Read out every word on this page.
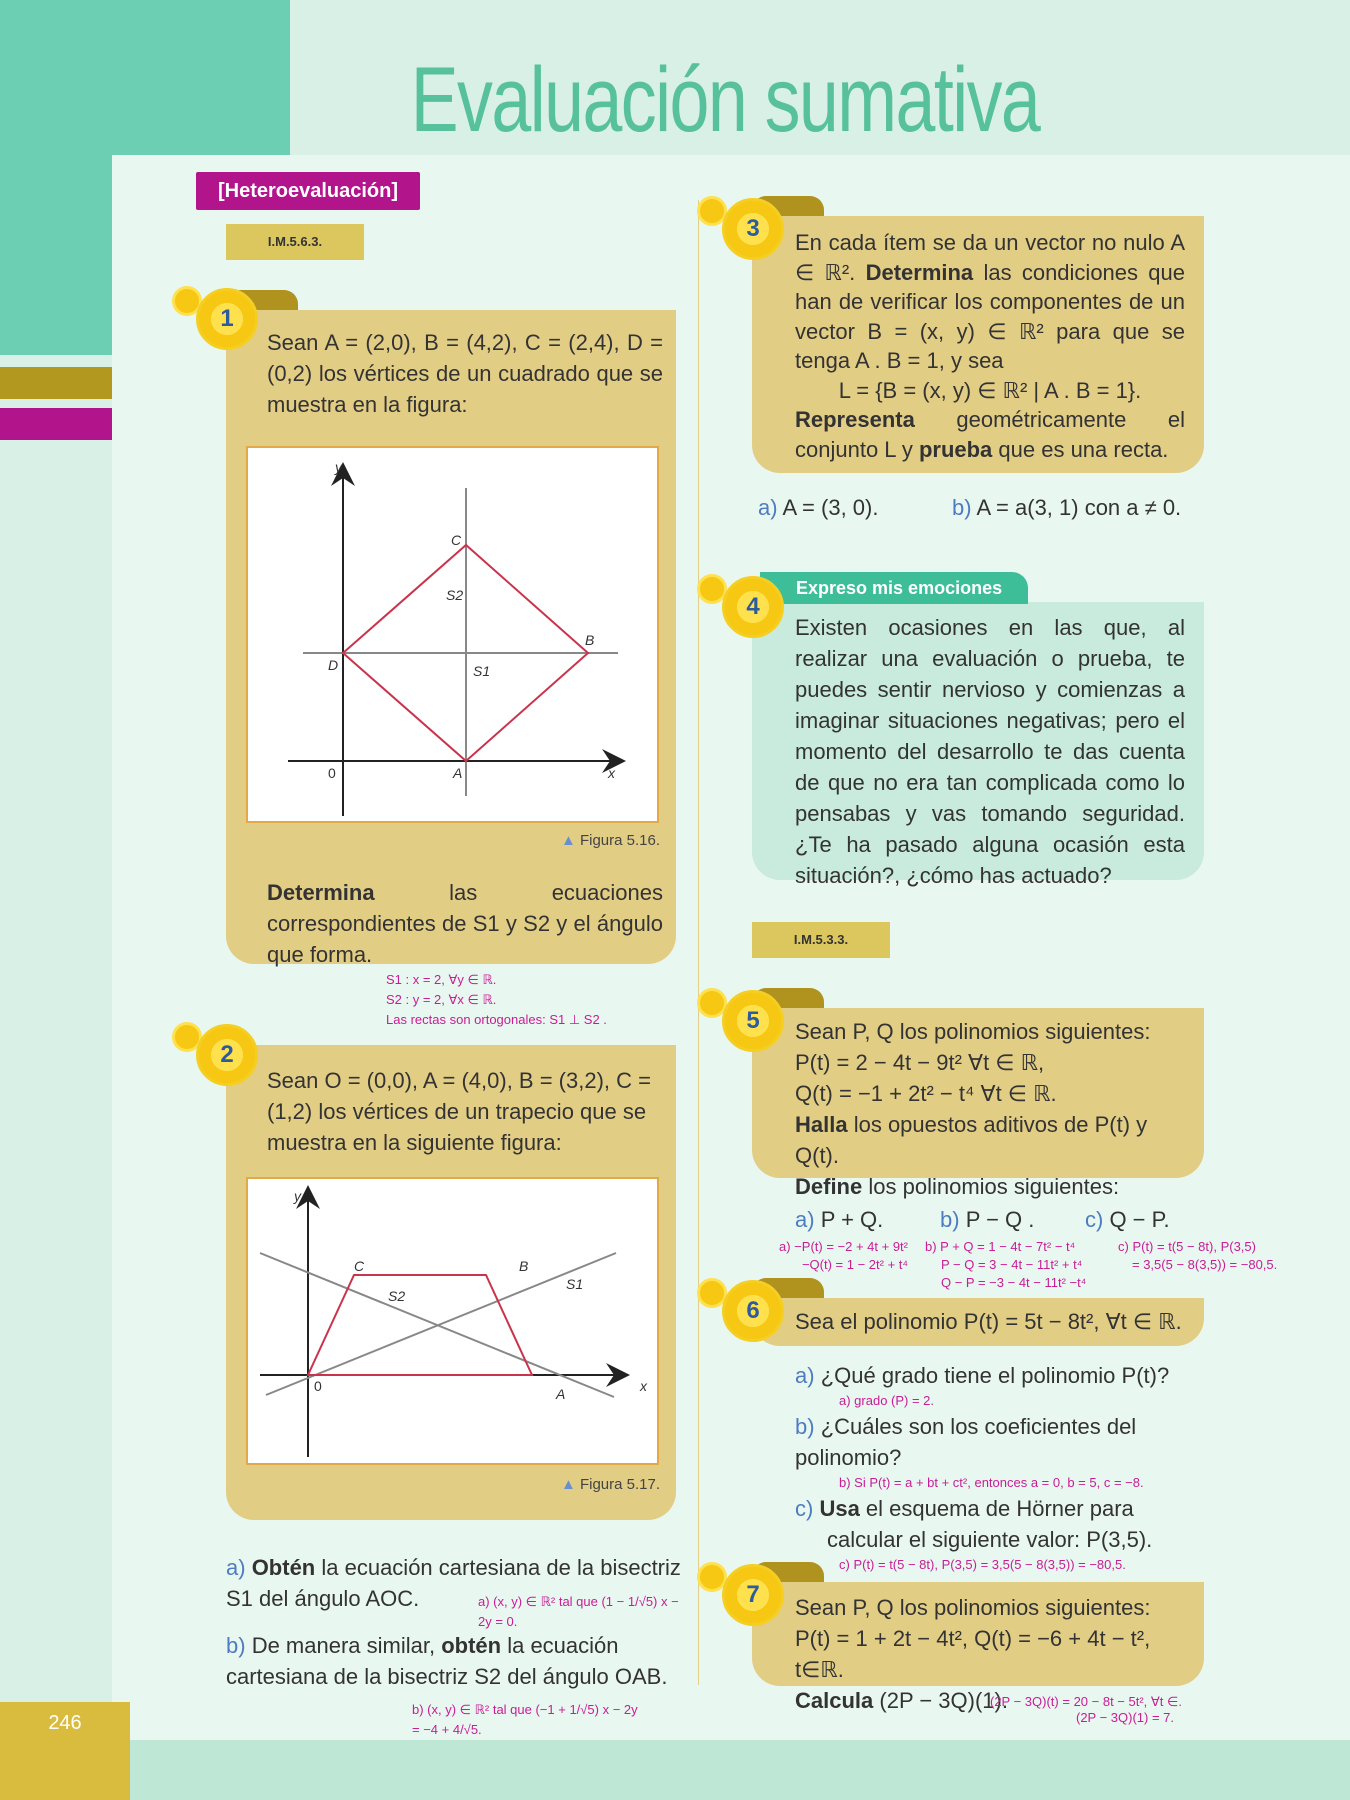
246
Evaluación sumativa
[Heteroevaluación]
I.M.5.6.3.
1
Sean A = (2,0), B = (4,2), C = (2,4), D = (0,2) los vértices de un cuadrado que se muestra en la figura:
y
x
C
B
D
A
0
S1
S2
▲ Figura 5.16.
Determina las ecuaciones correspondientes de S1 y S2 y el ángulo que forma.
S1 : x = 2, ∀y ∈ ℝ.
S2 : y = 2, ∀x ∈ ℝ.
Las rectas son ortogonales: S1 ⊥ S2 .
2
Sean O = (0,0), A = (4,0), B = (3,2), C = (1,2) los vértices de un trapecio que se muestra en la siguiente figura:
y
x
C	B
A
0
S1
S2
▲ Figura 5.17.
a) Obtén la ecuación cartesiana de la bisectriz S1 del ángulo AOC.	a) (x, y) ∈ ℝ² tal que (1 − 1/√5) x − 2y = 0.
b) De manera similar, obtén la ecuación cartesiana de la bisectriz S2 del ángulo OAB.
b) (x, y) ∈ ℝ² tal que (−1 + 1/√5) x − 2y
= −4 + 4/√5.
3
En cada ítem se da un vector no nulo A ∈ ℝ². Determina las condiciones que han de verificar los componentes de un vector B = (x, y) ∈ ℝ² para que se tenga A . B = 1, y sea
L = {B = (x, y) ∈ ℝ² | A . B = 1}.
Representa geométricamente el conjunto L y prueba que es una recta.
a) A = (3, 0).	b) A = a(3, 1) con a ≠ 0.
Expreso mis emociones
4
Existen ocasiones en las que, al realizar una evaluación o prueba, te puedes sentir nervioso y comienzas a imaginar situaciones negativas; pero el momento del desarrollo te das cuenta de que no era tan complicada como lo pensabas y vas tomando seguridad. ¿Te ha pasado alguna ocasión esta situación?, ¿cómo has actuado?
I.M.5.3.3.
5	Sean P, Q los polinomios siguientes:
P(t) = 2 − 4t − 9t² ∀t ∈ ℝ,
Q(t) = −1 + 2t² − t⁴ ∀t ∈ ℝ.
Halla los opuestos aditivos de P(t) y Q(t).
Define los polinomios siguientes:
a) P + Q.	b) P − Q .	c) Q − P.
a) −P(t) = −2 + 4t + 9t²
−Q(t) = 1 − 2t² + t⁴
b) P + Q = 1 − 4t − 7t² − t⁴
P − Q = 3 − 4t − 11t² + t⁴
Q − P = −3 − 4t − 11t² −t⁴
c) P(t) = t(5 − 8t), P(3,5)
= 3,5(5 − 8(3,5)) = −80,5.
6	Sea el polinomio P(t) = 5t − 8t², ∀t ∈ ℝ.
a) ¿Qué grado tiene el polinomio P(t)?
a) grado (P) = 2.
b) ¿Cuáles son los coeficientes del polinomio?
b) Si P(t) = a + bt + ct², entonces a = 0, b = 5, c = −8.
c) Usa el esquema de Hörner para calcular el siguiente valor: P(3,5).
c) P(t) = t(5 − 8t), P(3,5) = 3,5(5 − 8(3,5)) = −80,5.
7	Sean P, Q los polinomios siguientes:
P(t) = 1 + 2t − 4t², Q(t) = −6 + 4t − t², t∈ℝ.
Calcula (2P − 3Q)(1).
(2P − 3Q)(t) = 20 − 8t − 5t², ∀t ∈.
(2P − 3Q)(1) = 7.
